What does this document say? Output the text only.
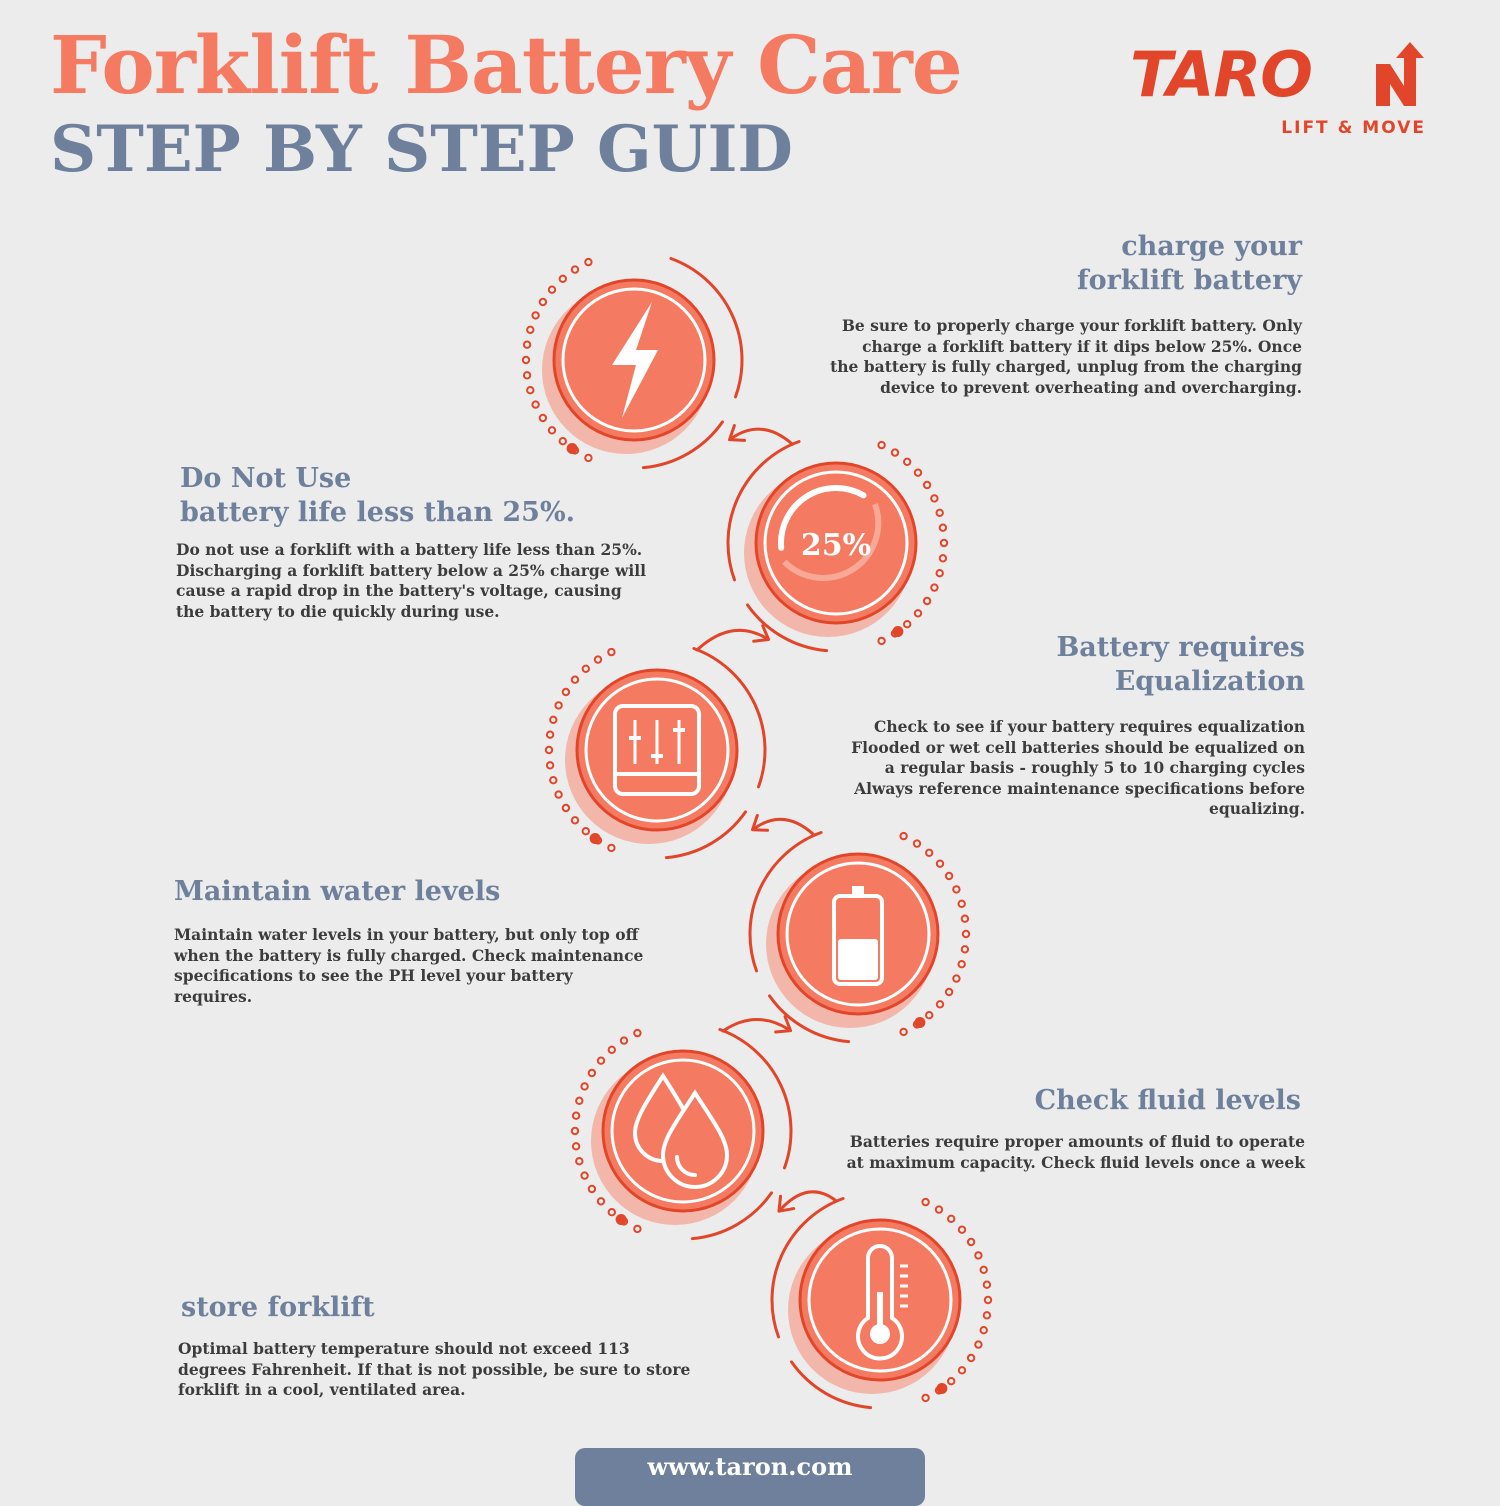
Forklift Battery Care
STEP BY STEP GUID
TARO
LIFT & MOVE
25%
charge your
forklift battery

Be sure to properly charge your forklift battery. Only charge a forklift battery if it dips below 25%. Once the battery is fully charged, unplug from the charging device to prevent overheating and overcharging.

Do Not Use
battery life less than 25%.

Do not use a forklift with a battery life less than 25%. Discharging a forklift battery below a 25% charge will cause a rapid drop in the battery's voltage, causing the battery to die quickly during use.

Battery requires
Equalization

Check to see if your battery requires equalization Flooded or wet cell batteries should be equalized on a regular basis - roughly 5 to 10 charging cycles Always reference maintenance specifications before equalizing.

Maintain water levels

Maintain water levels in your battery, but only top off when the battery is fully charged. Check maintenance specifications to see the PH level your battery requires.

Check fluid levels

Batteries require proper amounts of fluid to operate at maximum capacity. Check fluid levels once a week

store forklift

Optimal battery temperature should not exceed 113 degrees Fahrenheit. If that is not possible, be sure to store forklift in a cool, ventilated area.

www.taron.com
